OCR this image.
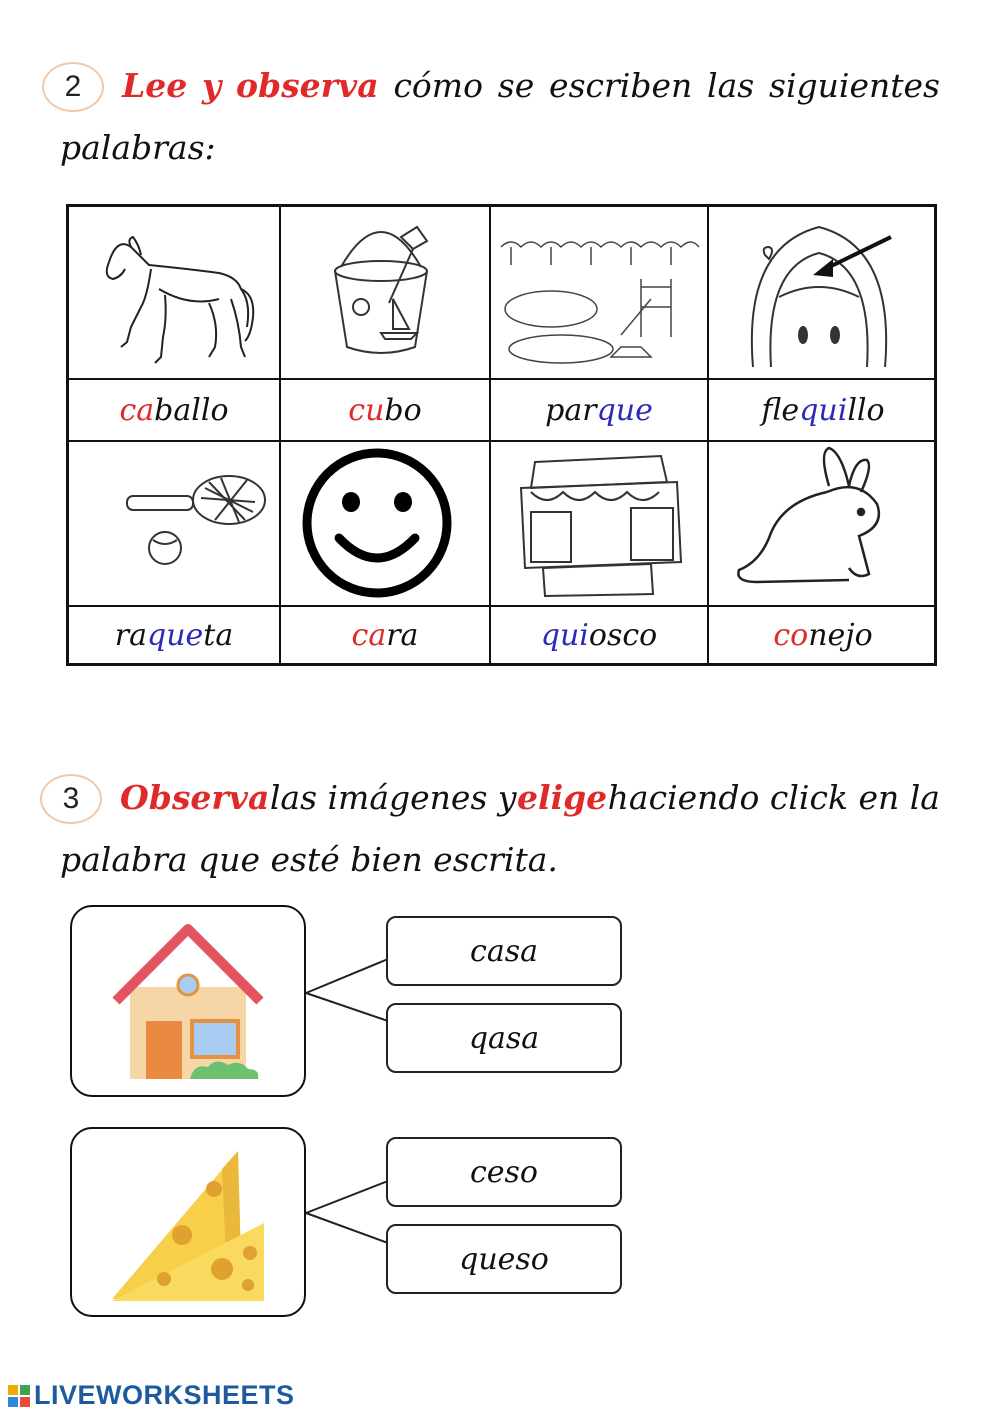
2 Lee y observa cómo se escriben las siguientes
palabras:
ca ballo	cu bo	par que	fle qui llo
ra que ta	ca ra	qui osco	co nejo
3 Observa las imágenes y elige haciendo click en la
palabra que esté bien escrita.
casa
qasa
ceso
queso
LIVEWORKSHEETS
